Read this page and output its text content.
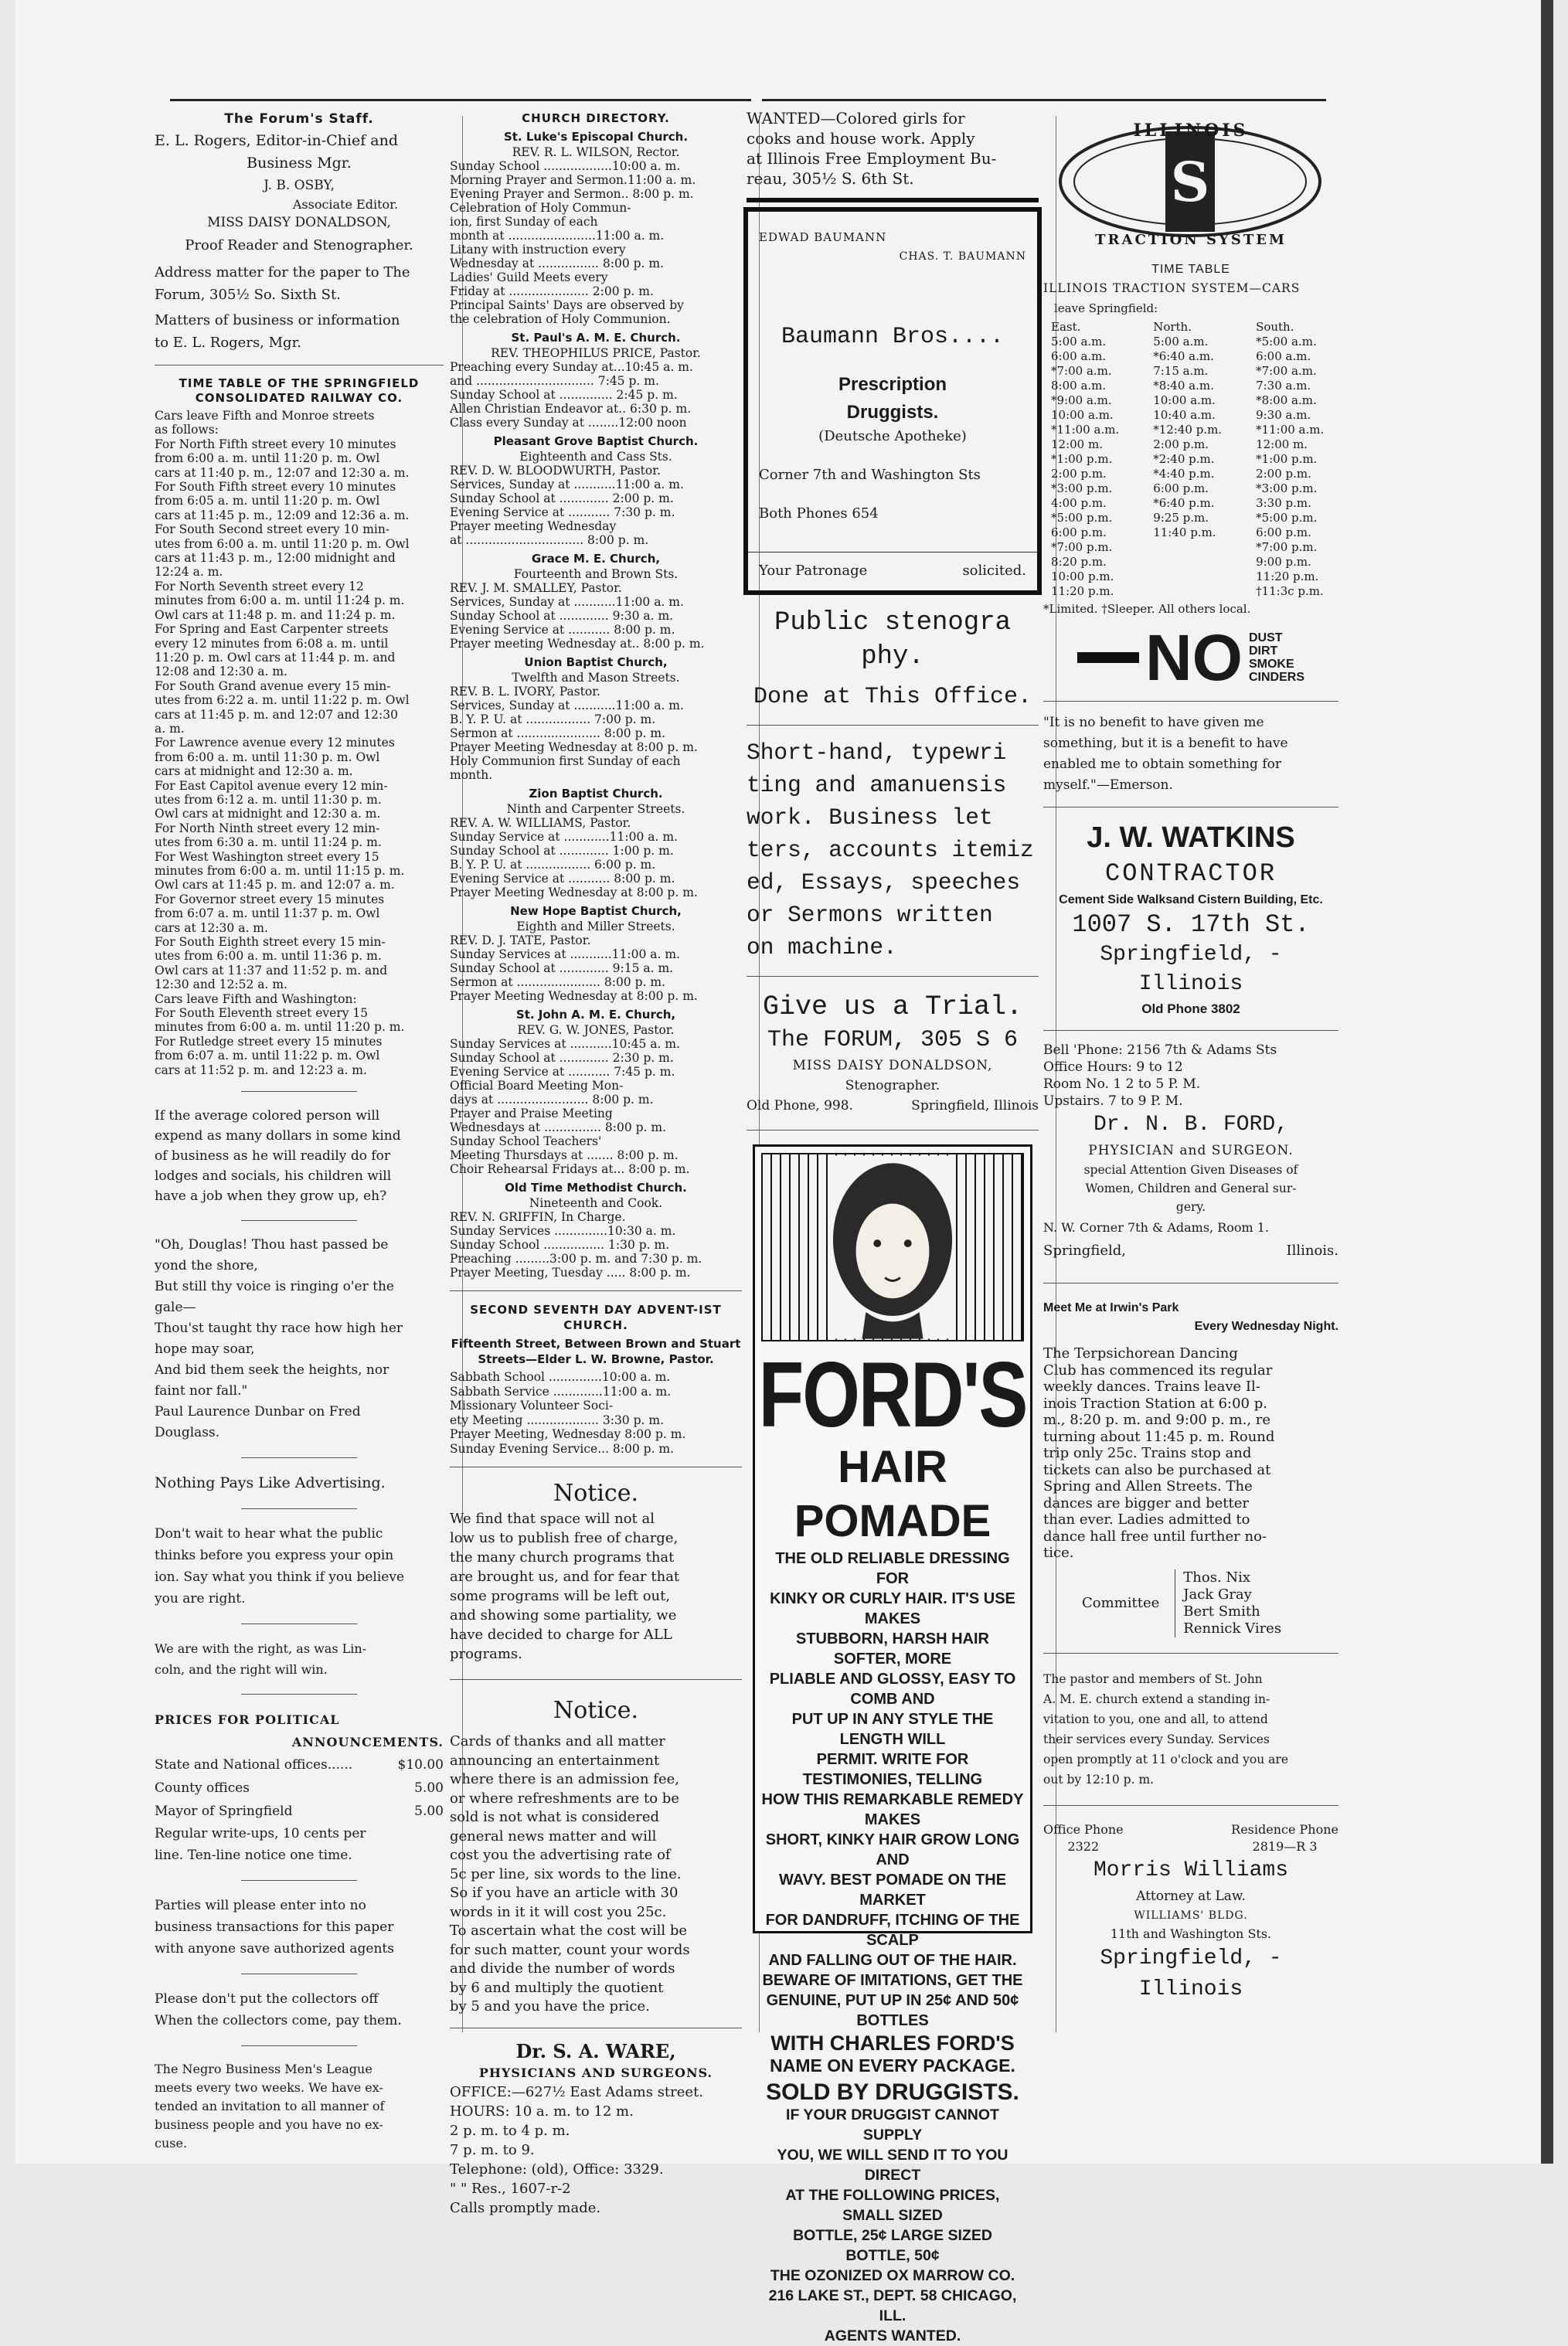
The Forum's Staff.
E. L. Rogers, Editor-in-Chief and
Business Mgr.
J. B. OSBY,
Associate Editor.
MISS DAISY DONALDSON,
Proof Reader and Stenographer.
Address matter for the paper to The
Forum, 305½ So. Sixth St.
Matters of business or information
to E. L. Rogers, Mgr.
TIME TABLE OF THE SPRINGFIELD CONSOLIDATED RAILWAY CO.
Cars leave Fifth and Monroe streets
as follows:
For North Fifth street every 10 minutes
from 6:00 a. m. until 11:20 p. m. Owl
cars at 11:40 p. m., 12:07 and 12:30 a. m.
For South Fifth street every 10 minutes
from 6:05 a. m. until 11:20 p. m. Owl
cars at 11:45 p. m., 12:09 and 12:36 a. m.
For South Second street every 10 min-
utes from 6:00 a. m. until 11:20 p. m. Owl
cars at 11:43 p. m., 12:00 midnight and
12:24 a. m.
For North Seventh street every 12
minutes from 6:00 a. m. until 11:24 p. m.
Owl cars at 11:48 p. m. and 11:24 p. m.
For Spring and East Carpenter streets
every 12 minutes from 6:08 a. m. until
11:20 p. m. Owl cars at 11:44 p. m. and
12:08 and 12:30 a. m.
For South Grand avenue every 15 min-
utes from 6:22 a. m. until 11:22 p. m. Owl
cars at 11:45 p. m. and 12:07 and 12:30
a. m.
For Lawrence avenue every 12 minutes
from 6:00 a. m. until 11:30 p. m. Owl
cars at midnight and 12:30 a. m.
For East Capitol avenue every 12 min-
utes from 6:12 a. m. until 11:30 p. m.
Owl cars at midnight and 12:30 a. m.
For North Ninth street every 12 min-
utes from 6:30 a. m. until 11:24 p. m.
For West Washington street every 15
minutes from 6:00 a. m. until 11:15 p. m.
Owl cars at 11:45 p. m. and 12:07 a. m.
For Governor street every 15 minutes
from 6:07 a. m. until 11:37 p. m. Owl
cars at 12:30 a. m.
For South Eighth street every 15 min-
utes from 6:00 a. m. until 11:36 p. m.
Owl cars at 11:37 and 11:52 p. m. and
12:30 and 12:52 a. m.
Cars leave Fifth and Washington:
For South Eleventh street every 15
minutes from 6:00 a. m. until 11:20 p. m.
For Rutledge street every 15 minutes
from 6:07 a. m. until 11:22 p. m. Owl
cars at 11:52 p. m. and 12:23 a. m.
If the average colored person will
expend as many dollars in some kind
of business as he will readily do for
lodges and socials, his children will
have a job when they grow up, eh?
"Oh, Douglas! Thou hast passed be
yond the shore,
But still thy voice is ringing o'er the
gale—
Thou'st taught thy race how high her
hope may soar,
And bid them seek the heights, nor
faint nor fall."
Paul Laurence Dunbar on Fred
Douglass.
Nothing Pays Like Advertising.
Don't wait to hear what the public
thinks before you express your opin
ion. Say what you think if you believe
you are right.
We are with the right, as was Lin-
coln, and the right will win.
PRICES FOR POLITICAL
ANNOUNCEMENTS.
State and National offices......	$10.00
County offices	5.00
Mayor of Springfield	5.00
Regular write-ups, 10 cents per
line. Ten-line notice one time.
Parties will please enter into no
business transactions for this paper
with anyone save authorized agents
Please don't put the collectors off
When the collectors come, pay them.
The Negro Business Men's League
meets every two weeks. We have ex-
tended an invitation to all manner of
business people and you have no ex-
cuse.
CHURCH DIRECTORY.
St. Luke's Episcopal Church.
REV. R. L. WILSON, Rector.
Sunday School ..................10:00 a. m.
Morning Prayer and Sermon.11:00 a. m.
Evening Prayer and Sermon.. 8:00 p. m.
Celebration of Holy Commun-
ion, first Sunday of each
month at .......................11:00 a. m.
Litany with instruction every
Wednesday at ................ 8:00 p. m.
Ladies' Guild Meets every
Friday at ..................... 2:00 p. m.
Principal Saints' Days are observed by
the celebration of Holy Communion.
St. Paul's A. M. E. Church.
REV. THEOPHILUS PRICE, Pastor.
Preaching every Sunday at...10:45 a. m.
and ............................... 7:45 p. m.
Sunday School at .............. 2:45 p. m.
Allen Christian Endeavor at.. 6:30 p. m.
Class every Sunday at ........12:00 noon
Pleasant Grove Baptist Church.
Eighteenth and Cass Sts.
REV. D. W. BLOODWURTH, Pastor.
Services, Sunday at ...........11:00 a. m.
Sunday School at ............. 2:00 p. m.
Evening Service at ........... 7:30 p. m.
Prayer meeting Wednesday
at ............................... 8:00 p. m.
Grace M. E. Church,
Fourteenth and Brown Sts.
REV. J. M. SMALLEY, Pastor.
Services, Sunday at ...........11:00 a. m.
Sunday School at ............. 9:30 a. m.
Evening Service at ........... 8:00 p. m.
Prayer meeting Wednesday at.. 8:00 p. m.
Union Baptist Church,
Twelfth and Mason Streets.
REV. B. L. IVORY, Pastor.
Services, Sunday at ...........11:00 a. m.
B. Y. P. U. at ................. 7:00 p. m.
Sermon at ...................... 8:00 p. m.
Prayer Meeting Wednesday at 8:00 p. m.
Holy Communion first Sunday of each
month.
Zion Baptist Church.
Ninth and Carpenter Streets.
REV. A. W. WILLIAMS, Pastor.
Sunday Service at ............11:00 a. m.
Sunday School at ............. 1:00 p. m.
B. Y. P. U. at ................. 6:00 p. m.
Evening Service at ........... 8:00 p. m.
Prayer Meeting Wednesday at 8:00 p. m.
New Hope Baptist Church,
Eighth and Miller Streets.
REV. D. J. TATE, Pastor.
Sunday Services at ...........11:00 a. m.
Sunday School at ............. 9:15 a. m.
Sermon at ...................... 8:00 p. m.
Prayer Meeting Wednesday at 8:00 p. m.
St. John A. M. E. Church,
REV. G. W. JONES, Pastor.
Sunday Services at ...........10:45 a. m.
Sunday School at ............. 2:30 p. m.
Evening Service at ........... 7:45 p. m.
Official Board Meeting Mon-
days at ........................ 8:00 p. m.
Prayer and Praise Meeting
Wednesdays at ............... 8:00 p. m.
Sunday School Teachers'
Meeting Thursdays at ....... 8:00 p. m.
Choir Rehearsal Fridays at... 8:00 p. m.
Old Time Methodist Church.
Nineteenth and Cook.
REV. N. GRIFFIN, In Charge.
Sunday Services ..............10:30 a. m.
Sunday School ................ 1:30 p. m.
Preaching .........3:00 p. m. and 7:30 p. m.
Prayer Meeting, Tuesday ..... 8:00 p. m.
SECOND SEVENTH DAY ADVENT-IST CHURCH.
Fifteenth Street, Between Brown and Stuart Streets—Elder L. W. Browne, Pastor.
Sabbath School ..............10:00 a. m.
Sabbath Service .............11:00 a. m.
Missionary Volunteer Soci-
ety Meeting ................... 3:30 p. m.
Prayer Meeting, Wednesday 8:00 p. m.
Sunday Evening Service... 8:00 p. m.
Notice.
We find that space will not al
low us to publish free of charge,
the many church programs that
are brought us, and for fear that
some programs will be left out,
and showing some partiality, we
have decided to charge for ALL
programs.
Notice.
Cards of thanks and all matter
announcing an entertainment
where there is an admission fee,
or where refreshments are to be
sold is not what is considered
general news matter and will
cost you the advertising rate of
5c per line, six words to the line.
So if you have an article with 30
words in it it will cost you 25c.
To ascertain what the cost will be
for such matter, count your words
and divide the number of words
by 6 and multiply the quotient
by 5 and you have the price.
Dr. S. A. WARE,
PHYSICIANS AND SURGEONS.
OFFICE:—627½ East Adams street.
HOURS: 10 a. m. to 12 m.
2 p. m. to 4 p. m.
7 p. m. to 9.
Telephone: (old), Office: 3329.
" " Res., 1607-r-2
Calls promptly made.
WANTED—Colored girls for
cooks and house work. Apply
at Illinois Free Employment Bu-
reau, 305½ S. 6th St.
EDWAD BAUMANN
CHAS. T. BAUMANN
Baumann Bros....
Prescription
Druggists.
(Deutsche Apotheke)
Corner 7th and Washington Sts
Both Phones 654
Your Patronage	solicited.
Public stenogra
phy.
Done at This Office.
Short-hand, typewri
ting and amanuensis
work. Business let
ters, accounts itemiz
ed, Essays, speeches
or Sermons written
on machine.
Give us a Trial.
The FORUM, 305 S 6
MISS DAISY DONALDSON,
Stenographer.
Old Phone, 998.	Springfield, Illinois
FORD'S
HAIR POMADE
THE OLD RELIABLE DRESSING FOR
KINKY OR CURLY HAIR. IT'S USE MAKES
STUBBORN, HARSH HAIR SOFTER, MORE
PLIABLE AND GLOSSY, EASY TO COMB AND
PUT UP IN ANY STYLE THE LENGTH WILL
PERMIT. WRITE FOR TESTIMONIES, TELLING
HOW THIS REMARKABLE REMEDY MAKES
SHORT, KINKY HAIR GROW LONG AND
WAVY. BEST POMADE ON THE MARKET
FOR DANDRUFF, ITCHING OF THE SCALP
AND FALLING OUT OF THE HAIR.
BEWARE OF IMITATIONS, GET THE
GENUINE, PUT UP IN 25¢ AND 50¢ BOTTLES
WITH CHARLES FORD'S
NAME ON EVERY PACKAGE.
SOLD BY DRUGGISTS.
IF YOUR DRUGGIST CANNOT SUPPLY
YOU, WE WILL SEND IT TO YOU DIRECT
AT THE FOLLOWING PRICES, SMALL SIZED
BOTTLE, 25¢ LARGE SIZED BOTTLE, 50¢
THE OZONIZED OX MARROW CO.
216 LAKE ST., DEPT. 58 CHICAGO, ILL.
AGENTS WANTED.
S
ILLINOIS
TRACTION SYSTEM
TIME TABLE
ILLINOIS TRACTION SYSTEM—CARS
leave Springfield:
East.	North.	South.
5:00 a.m.	5:00 a.m.	*5:00 a.m.
6:00 a.m.	*6:40 a.m.	6:00 a.m.
*7:00 a.m.	7:15 a.m.	*7:00 a.m.
8:00 a.m.	*8:40 a.m.	7:30 a.m.
*9:00 a.m.	10:00 a.m.	*8:00 a.m.
10:00 a.m.	10:40 a.m.	9:30 a.m.
*11:00 a.m.	*12:40 p.m.	*11:00 a.m.
12:00 m.	2:00 p.m.	12:00 m.
*1:00 p.m.	*2:40 p.m.	*1:00 p.m.
2:00 p.m.	*4:40 p.m.	2:00 p.m.
*3:00 p.m.	6:00 p.m.	*3:00 p.m.
4:00 p.m.	*6:40 p.m.	3:30 p.m.
*5:00 p.m.	9:25 p.m.	*5:00 p.m.
6:00 p.m.	11:40 p.m.	6:00 p.m.
*7:00 p.m.		*7:00 p.m.
8:20 p.m.		9:00 p.m.
10:00 p.m.		11:20 p.m.
11:20 p.m.		†11:3c p.m.
*Limited. †Sleeper. All others local.
NO DUST
DIRT
SMOKE
CINDERS
"It is no benefit to have given me
something, but it is a benefit to have
enabled me to obtain something for
myself."—Emerson.
J. W. WATKINS
CONTRACTOR
Cement Side Walksand Cistern Building, Etc.
1007 S. 17th St.
Springfield, - Illinois
Old Phone 3802
Bell 'Phone: 2156 7th & Adams Sts
Office Hours: 9 to 12
Room No. 1 2 to 5 P. M.
Upstairs. 7 to 9 P. M.
Dr. N. B. FORD,
PHYSICIAN and SURGEON.
special Attention Given Diseases of
Women, Children and General sur-
gery.
N. W. Corner 7th & Adams, Room 1.
Springfield,	Illinois.
Meet Me at Irwin's Park
Every Wednesday Night.
The Terpsichorean Dancing
Club has commenced its regular
weekly dances. Trains leave Il-
inois Traction Station at 6:00 p.
m., 8:20 p. m. and 9:00 p. m., re
turning about 11:45 p. m. Round
trip only 25c. Trains stop and
tickets can also be purchased at
Spring and Allen Streets. The
dances are bigger and better
than ever. Ladies admitted to
dance hall free until further no-
tice.
Committee
Thos. Nix
Jack Gray
Bert Smith
Rennick Vires
The pastor and members of St. John
A. M. E. church extend a standing in-
vitation to you, one and all, to attend
their services every Sunday. Services
open promptly at 11 o'clock and you are
out by 12:10 p. m.
Office Phone
2322
Residence Phone
2819—R 3
Morris Williams
Attorney at Law.
WILLIAMS' BLDG.
11th and Washington Sts.
Springfield, - Illinois
